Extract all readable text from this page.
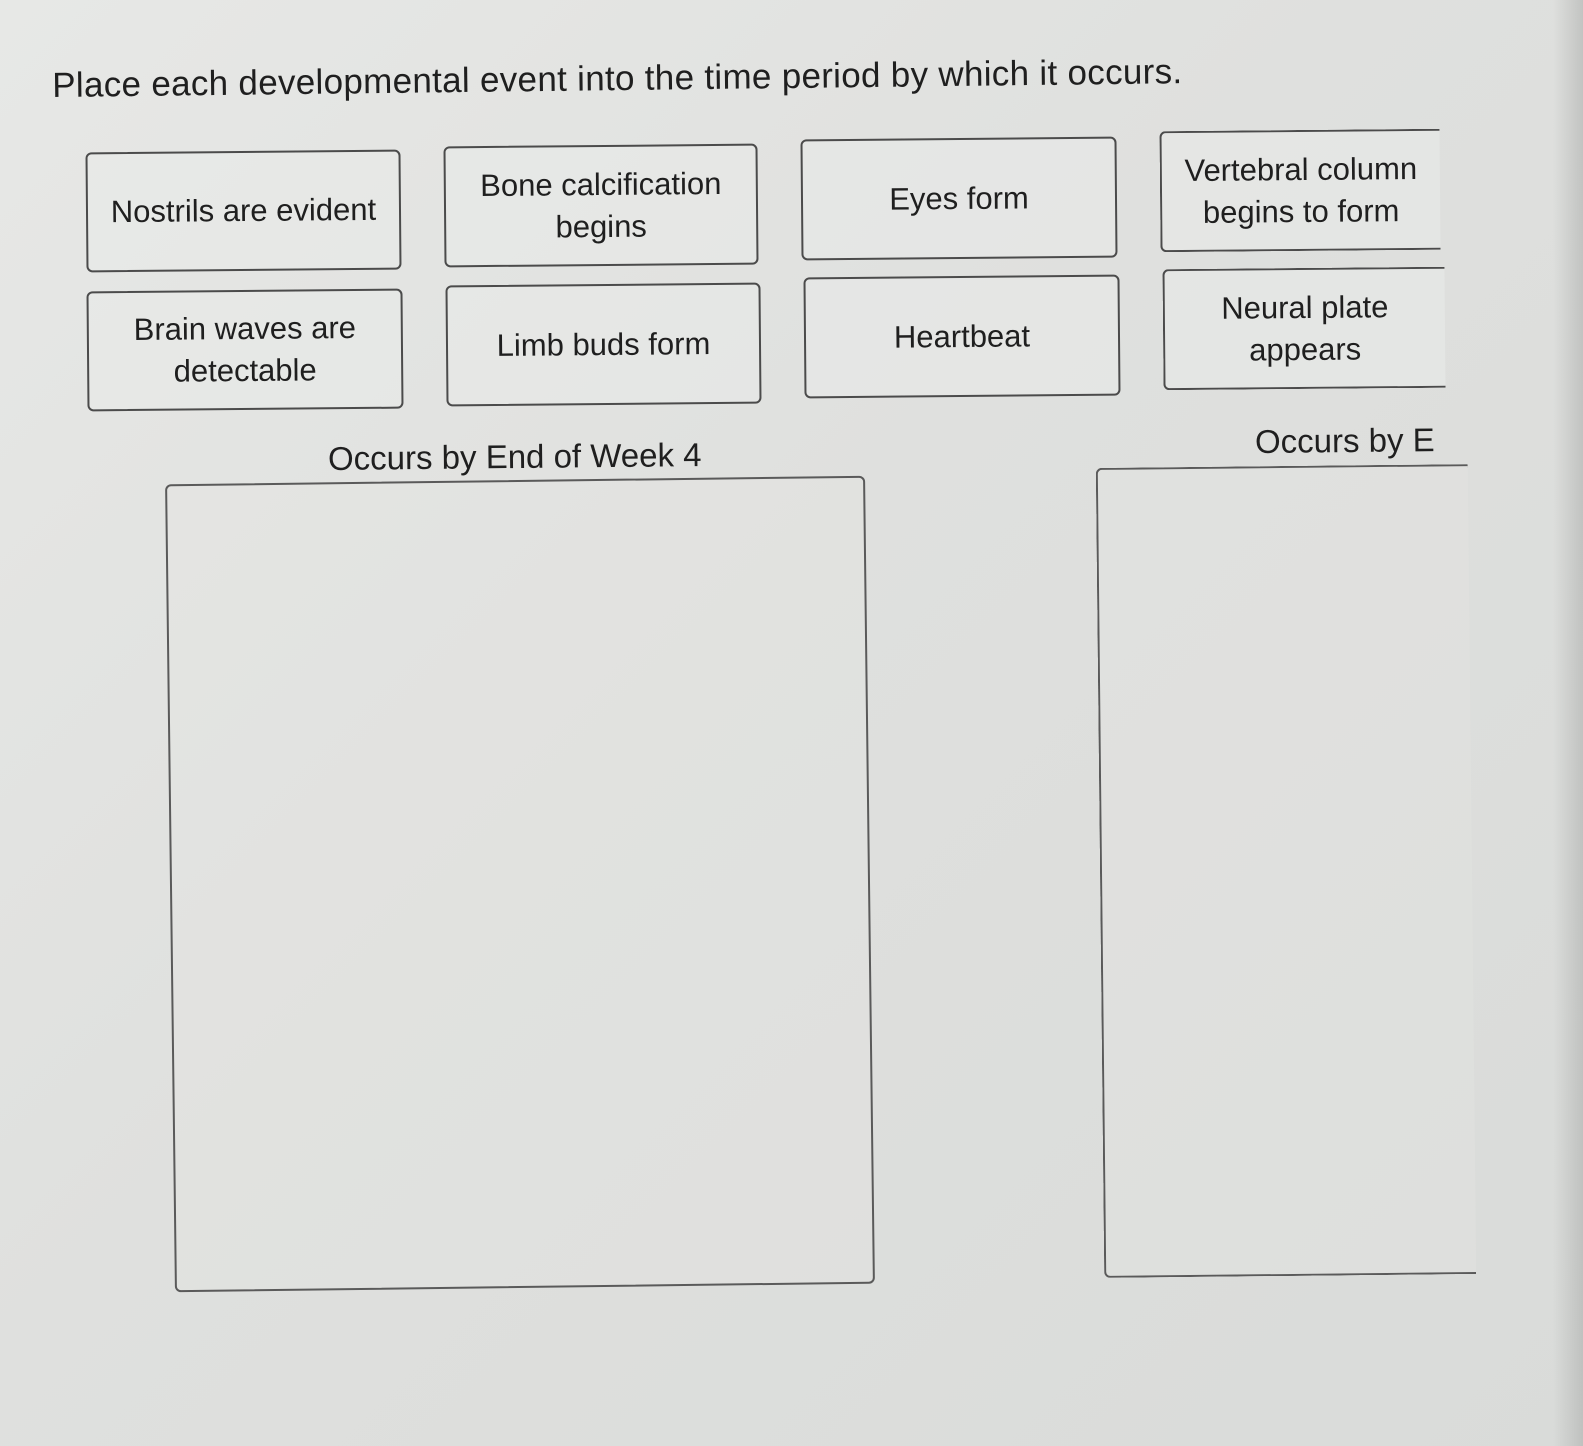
Place each developmental event into the time period by which it occurs.
Nostrils are evident
Bone calcification begins
Eyes form
Vertebral column begins to form
Brain waves are detectable
Limb buds form	Heartbeat
Neural plate appears
Occurs by End of Week 4	Occurs by E
